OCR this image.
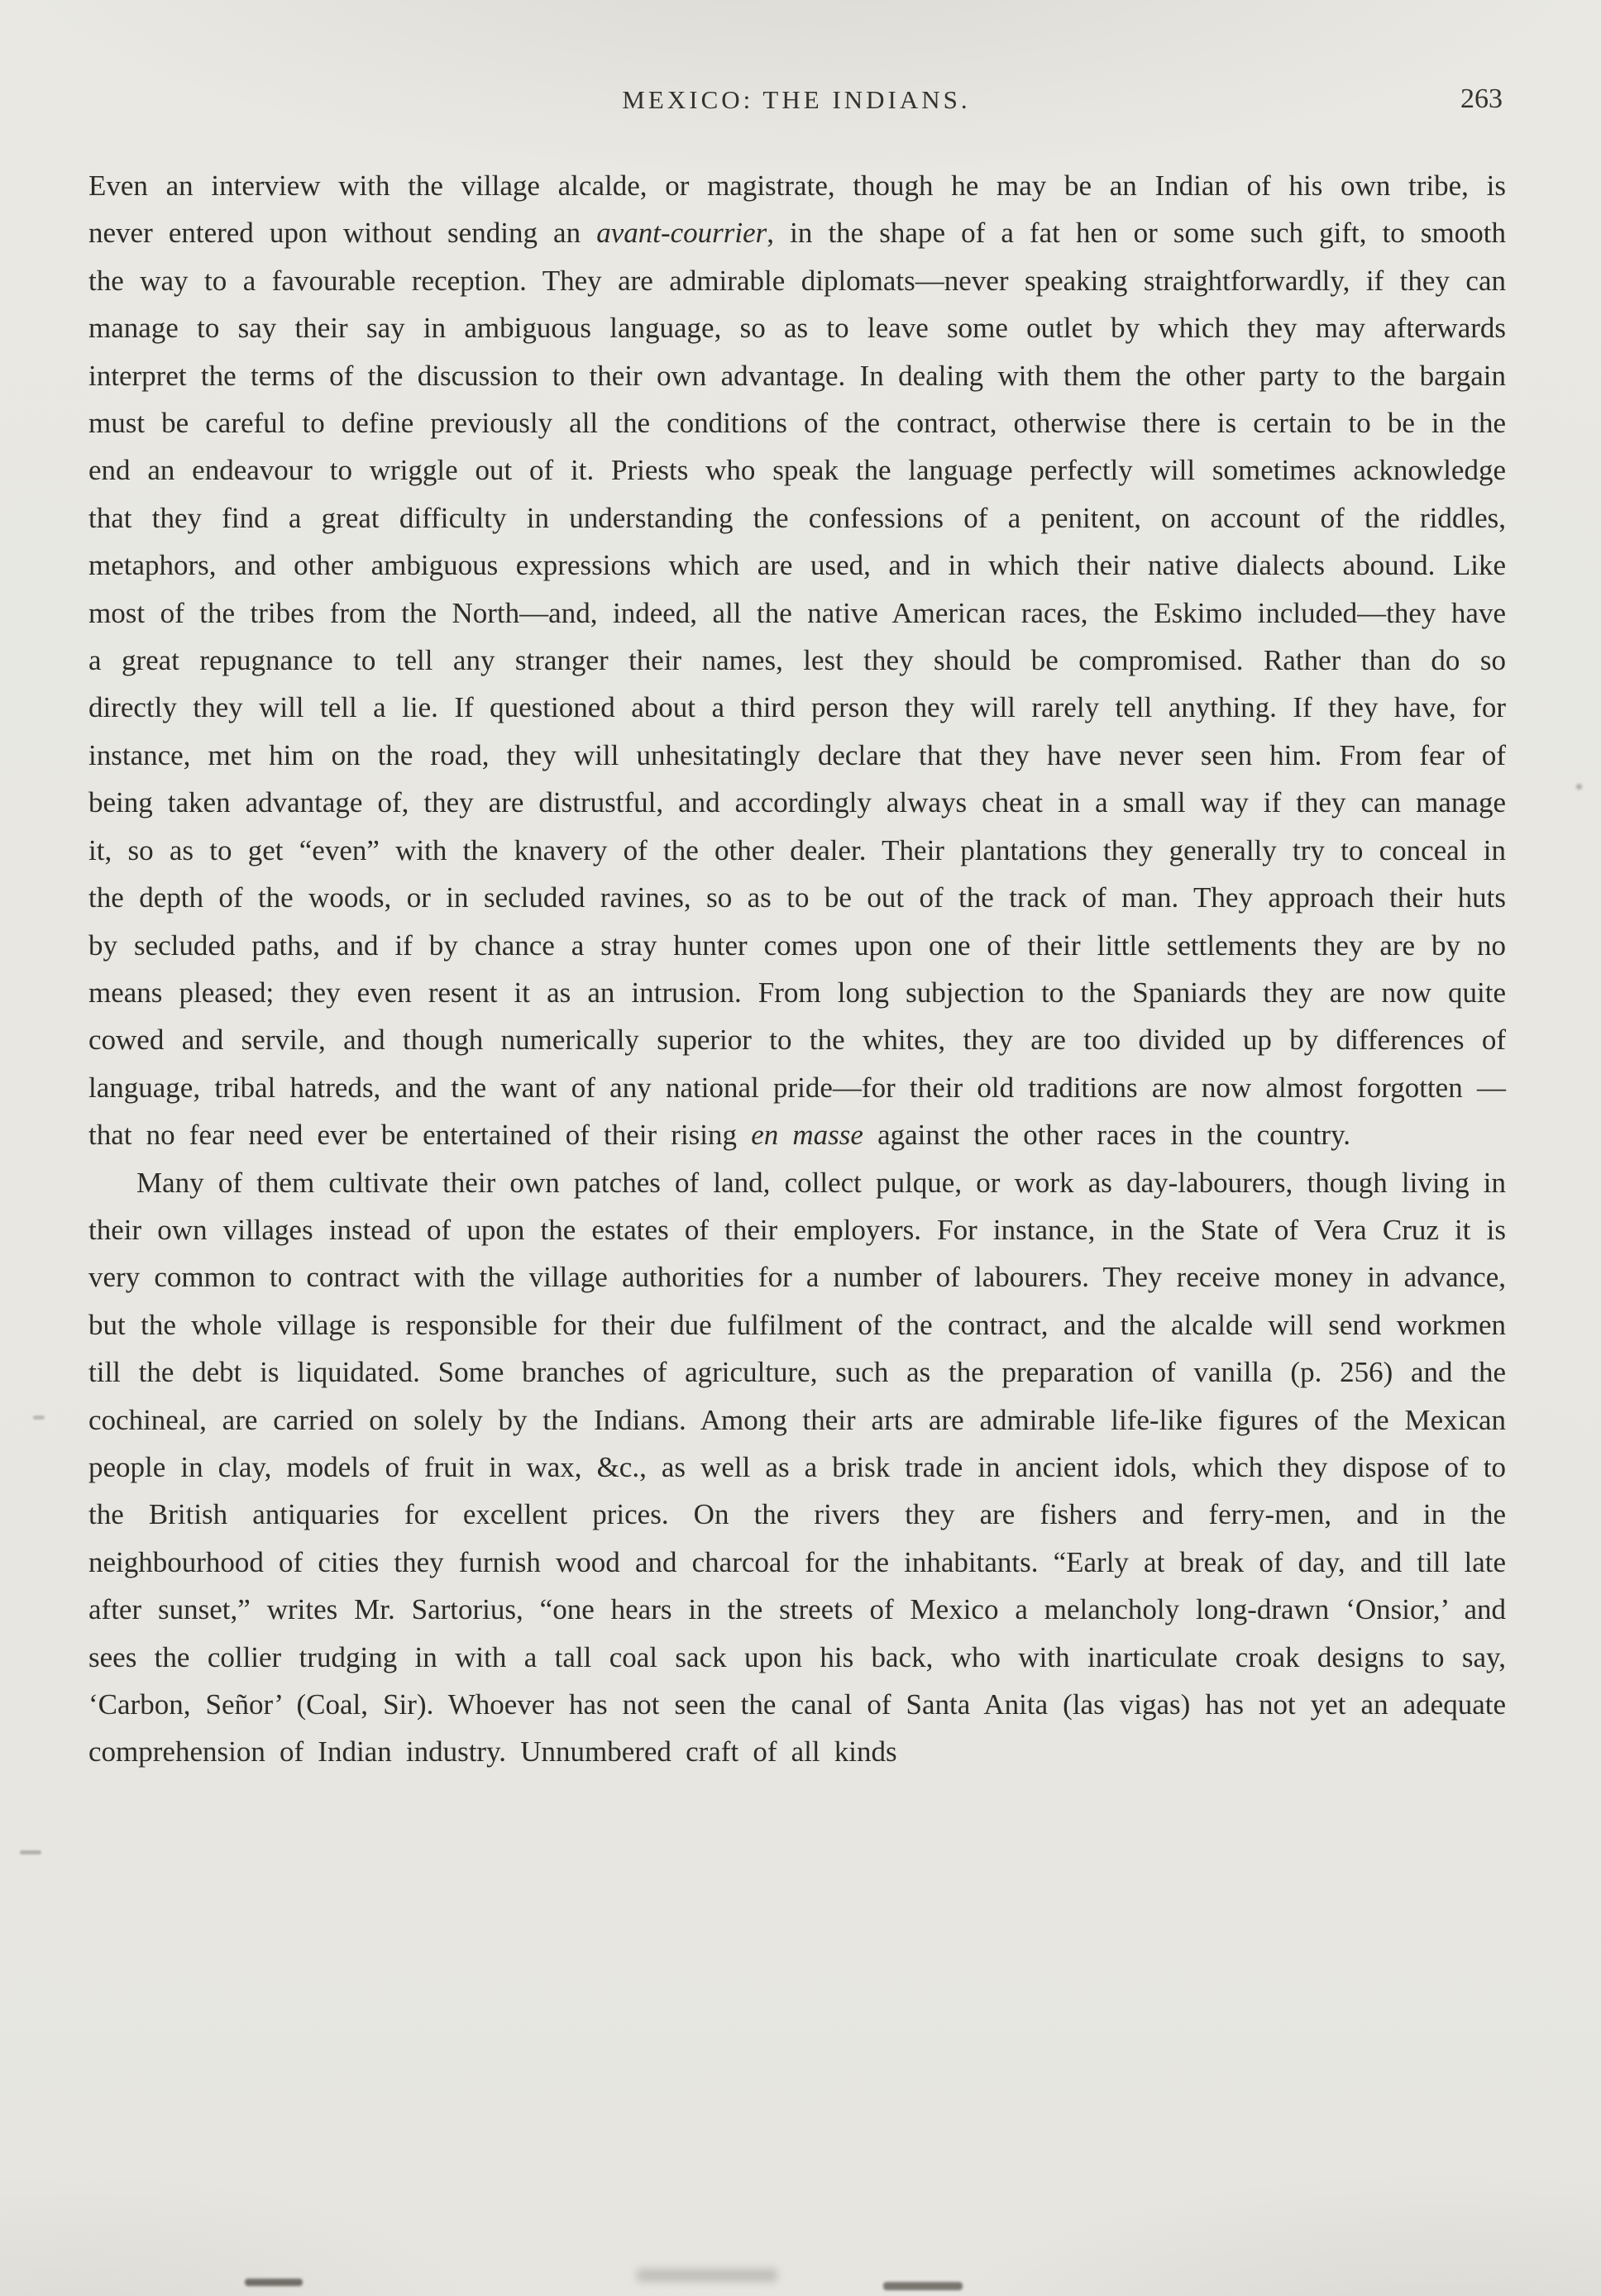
MEXICO: THE INDIANS.	263

Even an interview with the village alcalde, or magistrate, though he may be an Indian of his own tribe, is never entered upon without sending an avant-courrier, in the shape of a fat hen or some such gift, to smooth the way to a favourable reception. They are admirable diplomats—never speaking straightforwardly, if they can manage to say their say in ambiguous language, so as to leave some outlet by which they may afterwards interpret the terms of the discussion to their own advantage. In dealing with them the other party to the bargain must be careful to define previously all the conditions of the contract, otherwise there is certain to be in the end an endeavour to wriggle out of it. Priests who speak the language perfectly will sometimes acknowledge that they find a great difficulty in understanding the confessions of a penitent, on account of the riddles, metaphors, and other ambiguous expressions which are used, and in which their native dialects abound. Like most of the tribes from the North—and, indeed, all the native American races, the Eskimo included—they have a great repugnance to tell any stranger their names, lest they should be compromised. Rather than do so directly they will tell a lie. If questioned about a third person they will rarely tell anything. If they have, for instance, met him on the road, they will unhesitatingly declare that they have never seen him. From fear of being taken advantage of, they are distrustful, and accordingly always cheat in a small way if they can manage it, so as to get “even” with the knavery of the other dealer. Their plantations they generally try to conceal in the depth of the woods, or in secluded ravines, so as to be out of the track of man. They approach their huts by secluded paths, and if by chance a stray hunter comes upon one of their little settlements they are by no means pleased; they even resent it as an intrusion. From long subjection to the Spaniards they are now quite cowed and servile, and though numerically superior to the whites, they are too divided up by differences of language, tribal hatreds, and the want of any national pride—for their old traditions are now almost forgotten — that no fear need ever be entertained of their rising en masse against the other races in the country.

Many of them cultivate their own patches of land, collect pulque, or work as day-labourers, though living in their own villages instead of upon the estates of their employers. For instance, in the State of Vera Cruz it is very common to contract with the village authorities for a number of labourers. They receive money in advance, but the whole village is responsible for their due fulfilment of the contract, and the alcalde will send workmen till the debt is liquidated. Some branches of agriculture, such as the preparation of vanilla (p. 256) and the cochineal, are carried on solely by the Indians. Among their arts are admirable life-like figures of the Mexican people in clay, models of fruit in wax, &c., as well as a brisk trade in ancient idols, which they dispose of to the British antiquaries for excellent prices. On the rivers they are fishers and ferry-men, and in the neighbourhood of cities they furnish wood and charcoal for the inhabitants. “Early at break of day, and till late after sunset,” writes Mr. Sartorius, “one hears in the streets of Mexico a melancholy long-drawn ‘Onsior,’ and sees the collier trudging in with a tall coal sack upon his back, who with inarticulate croak designs to say, ‘Carbon, Señor’ (Coal, Sir). Whoever has not seen the canal of Santa Anita (las vigas) has not yet an adequate comprehension of Indian industry. Unnumbered craft of all kinds
